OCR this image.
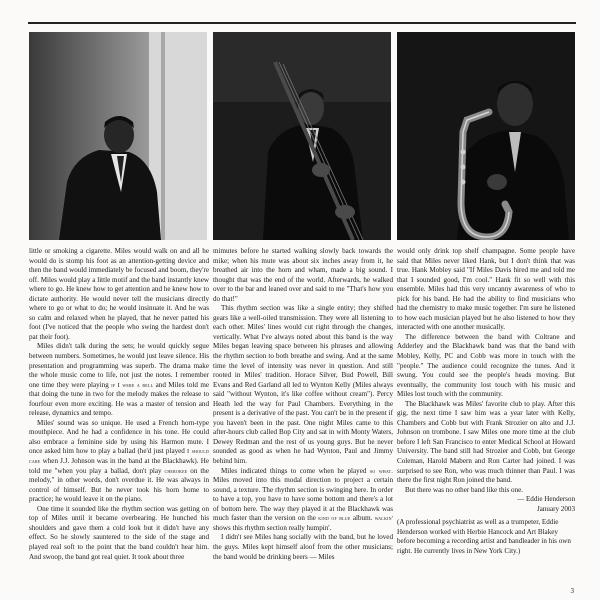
little or smoking a cigarette. Miles would walk on and all he would do is stomp his foot as an attention-getting device and then the band would immediately be focused and boom, they're off. Miles would play a little motif and the band instantly knew where to go. He knew how to get attention and he knew how to dictate authority. He would never tell the musicians directly where to go or what to do; he would insinuate it. And he was so calm and relaxed when he played, that he never patted his foot (I've noticed that the people who swing the hardest don't pat their foot).

Miles didn't talk during the sets; he would quickly segue between numbers. Sometimes, he would just leave silence. His presentation and programming was superb. The drama make the whole music come to life, not just the notes. I remember one time they were playing if I were a bell and Miles told me that doing the tune in two for the melody makes the release to fourfour even more exciting. He was a master of tension and release, dynamics and tempo.

Miles' sound was so unique. He used a French horn-type mouthpiece. And he had a confidence in his tone. He could also embrace a feminine side by using his Harmon mute. I once asked him how to play a ballad (he'd just played I should care when J.J. Johnson was in the band at the Blackhawk). He told me "when you play a ballad, don't play cherokee on the melody," in other words, don't overdue it. He was always in control of himself. But he never took his horn home to practice; he would leave it on the piano.

One time it sounded like the rhythm section was getting on top of Miles until it became overbearing. He hunched his shoulders and gave them a cold look but it didn't have any effect. So he slowly sauntered to the side of the stage and played real soft to the point that the band couldn't hear him. And swoop, the band got real quiet. It took about three

mimutes before he started walking slowly back towards the mike; when his mute was about six inches away from it, he breathed air into the horn and wham, made a big sound. I thought that was the end of the world. Afterwards, he walked over to the bar and leaned over and said to me "That's how you do that!"

This rhythm section was like a single entity; they shifted gears like a well-oiled transmission. They were all listening to each other. Miles' lines would cut right through the changes, vertically. What I've always noted about this band is the way Miles began leaving space between his phrases and allowing the rhythm section to both breathe and swing. And at the same time the level of intensity was never in question. And still rooted in Miles' tradition. Horace Silver, Bud Powell, Bill Evans and Red Garland all led to Wynton Kelly (Miles always said "without Wynton, it's like coffee without cream"). Percy Heath led the way for Paul Chambers. Everything in the present is a derivative of the past. You can't be in the present if you haven't been in the past. One night Miles came to this after-hours club called Bop City and sat in with Monty Waters, Dewey Redman and the rest of us young guys. But he never sounded as good as when he had Wynton, Paul and Jimmy behind him.

Miles indicated things to come when he played so what. Miles moved into this modal direction to project a certain sound, a texture. The rhythm section is swinging here. In order to have a top, you have to have some bottom and there's a lot of bottom here. The way they played it at the Blackhawk was much faster than the version on the kind of blue album. walkin' shows this rhythm section really humpin'.

I didn't see Miles hang socially with the band, but he loved the guys. Miles kept himself aloof from the other musicians; the band would be drinking beers — Miles

would only drink top shelf champagne. Some people have said that Miles never liked Hank, but I don't think that was true. Hank Mobley said "If Miles Davis hired me and told me that I sounded good, I'm cool." Hank fit so well with this ensemble. Miles had this very uncanny awareness of who to pick for his band. He had the ability to find musicians who had the chemistry to make music together. I'm sure he listened to how each musician played but he also listened to how they interacted with one another musically.

The difference between the band with Coltrane and Adderley and the Blackhawk band was that the band with Mobley, Kelly, PC and Cobb was more in touch with the "people." The audience could recognize the tunes. And it swung. You could see the people's heads moving. But eventually, the community lost touch with his music and Miles lost touch with the community.

The Blackhawk was Miles' favorite club to play. After this gig, the next time I saw him was a year later with Kelly, Chambers and Cobb but with Frank Strozier on alto and J.J. Johnson on trombone. I saw Miles one more time at the club before I left San Francisco to enter Medical School at Howard University. The band still had Strozier and Cobb, but George Coleman, Harold Mabern and Ron Carter had joined. I was surprised to see Ron, who was much thinner than Paul. I was there the first night Ron joined the band.

But there was no other band like this one.

— Eddie Henderson

January 2003

(A professional psychiatrist as well as a trumpeter, Eddie Henderson worked with Herbie Hancock and Art Blakey before becoming a recording artist and bandleader in his own right. He currently lives in New York City.)

3
